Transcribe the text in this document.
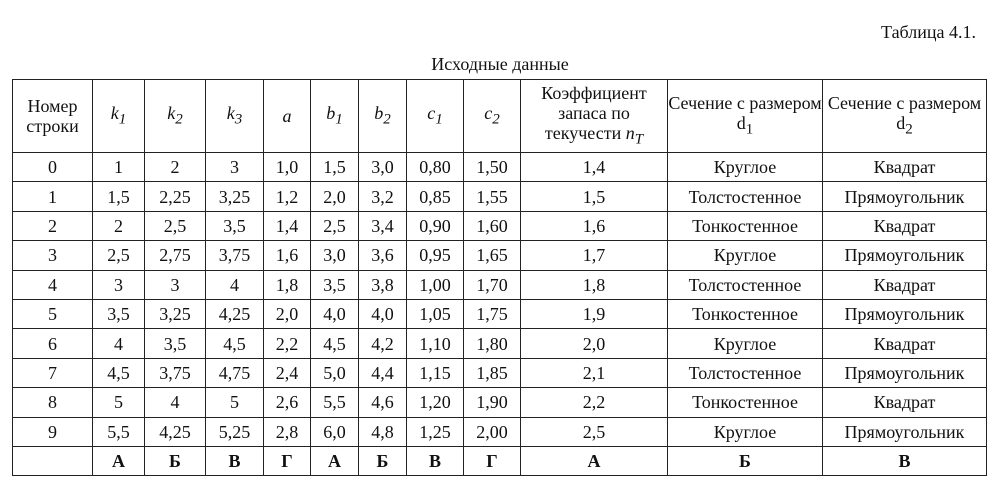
Таблица 4.1.
Исходные данные
Номер строки	$k_1$	$k_2$	$k_3$	a	$b_1$	$b_2$	$c_1$	$c_2$	Коэффициент запаса по текучести $n_T$	Сечение с размером $d_1$	Сечение с размером $d_2$
0	1	2	3	1,0	1,5	3,0	0,80	1,50	1,4	Круглое	Квадрат
1	1,5	2,25	3,25	1,2	2,0	3,2	0,85	1,55	1,5	Толстостенное	Прямоугольник
2	2	2,5	3,5	1,4	2,5	3,4	0,90	1,60	1,6	Тонкостенное	Квадрат
3	2,5	2,75	3,75	1,6	3,0	3,6	0,95	1,65	1,7	Круглое	Прямоугольник
4	3	3	4	1,8	3,5	3,8	1,00	1,70	1,8	Толстостенное	Квадрат
5	3,5	3,25	4,25	2,0	4,0	4,0	1,05	1,75	1,9	Тонкостенное	Прямоугольник
6	4	3,5	4,5	2,2	4,5	4,2	1,10	1,80	2,0	Круглое	Квадрат
7	4,5	3,75	4,75	2,4	5,0	4,4	1,15	1,85	2,1	Толстостенное	Прямоугольник
8	5	4	5	2,6	5,5	4,6	1,20	1,90	2,2	Тонкостенное	Квадрат
9	5,5	4,25	5,25	2,8	6,0	4,8	1,25	2,00	2,5	Круглое	Прямоугольник
	А	Б	В	Г	А	Б	В	Г	А	Б	В
